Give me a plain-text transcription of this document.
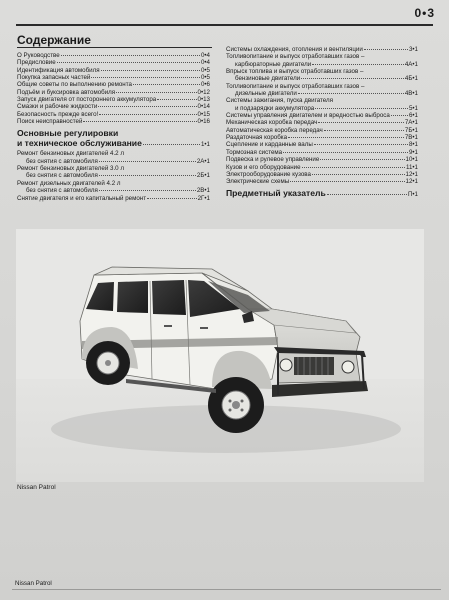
0•3
Содержание
О Руководстве	0•4
Предисловие	0•4
Идентификация автомобиля	0•5
Покупка запасных частей	0•5
Общие советы по выполнению ремонта	0•6
Подъём и буксировка автомобиля	0•12
Запуск двигателя от постороннего аккумулятора	0•13
Смазки и рабочие жидкости	0•14
Безопасность прежде всего!	0•15
Поиск неисправностей	0•16
Основные регулировки
и техническое обслуживание	1•1
Ремонт бензиновых двигателей 4.2 л
без снятия с автомобиля	2А•1
Ремонт бензиновых двигателей 3.0 л
без снятия с автомобиля	2Б•1
Ремонт дизельных двигателей 4.2 л
без снятия с автомобиля	2В•1
Снятие двигателя и его капитальный ремонт	2Г•1
Системы охлаждения, отопления и вентиляции	3•1
Топливопитание и выпуск отработавших газов –
карбюраторные двигатели	4А•1
Впрыск топлива и выпуск отработавших газов –
бензиновые двигатели	4Б•1
Топливопитание и выпуск отработавших газов –
дизельные двигатели	4В•1
Системы зажигания, пуска двигателя
и подзарядки аккумулятора	5•1
Системы управления двигателем и вредностью выброса	6•1
Механическая коробка передач	7А•1
Автоматическая коробка передач	7Б•1
Раздаточная коробка	7В•1
Сцепление и карданные валы	8•1
Тормозная система	9•1
Подвеска и рулевое управление	10•1
Кузов и его оборудование	11•1
Электрооборудование кузова	12•1
Электрические схемы	12•1
Предметный указатель	П•1
Nissan Patrol
Nissan Patrol
